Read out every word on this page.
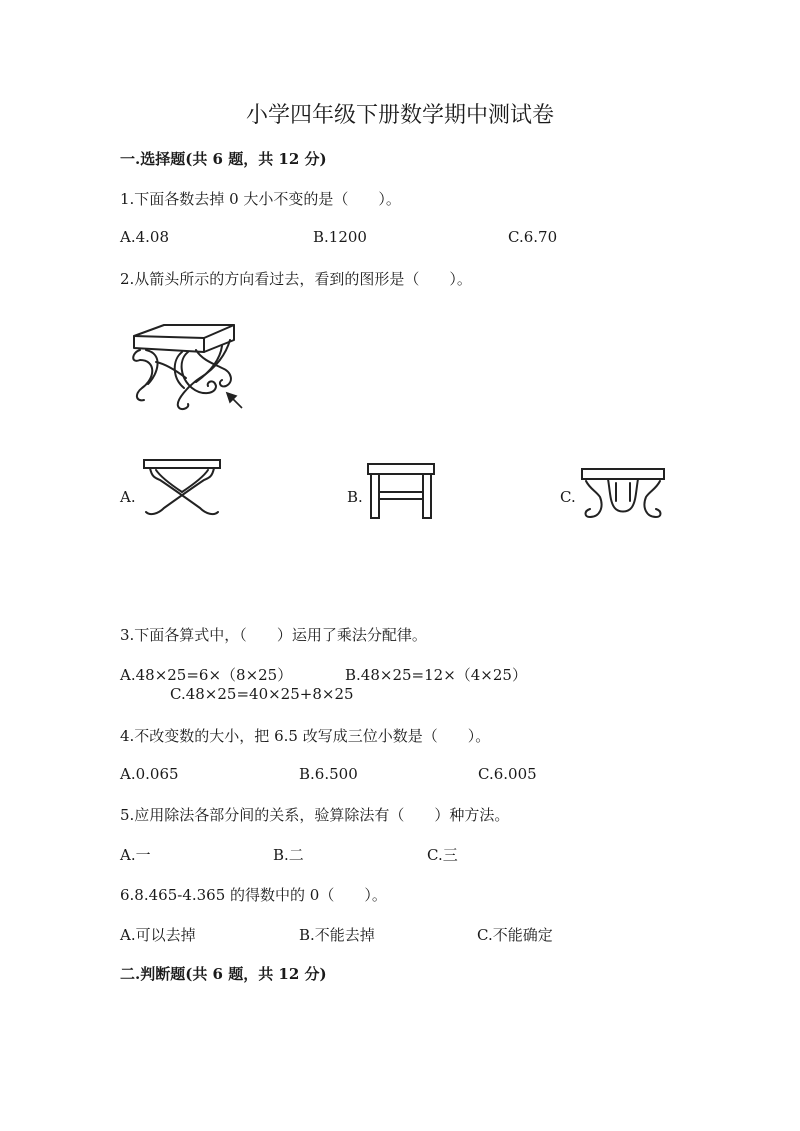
小学四年级下册数学期中测试卷
一.选择题(共 6 题，共 12 分)
1.下面各数去掉 0 大小不变的是（　　）。
A.4.08	B.1200	C.6.70
2.从箭头所示的方向看过去，看到的图形是（　　）。
A.	B.	C.
3.下面各算式中，（　　）运用了乘法分配律。
A.48×25=6×（8×25）	B.48×25=12×（4×25）
C.48×25=40×25+8×25
4.不改变数的大小，把 6.5 改写成三位小数是（　　）。
A.0.065	B.6.500	C.6.005
5.应用除法各部分间的关系，验算除法有（　　）种方法。
A.一	B.二	C.三
6.8.465-4.365 的得数中的 0（　　）。
A.可以去掉	B.不能去掉	C.不能确定
二.判断题(共 6 题，共 12 分)
